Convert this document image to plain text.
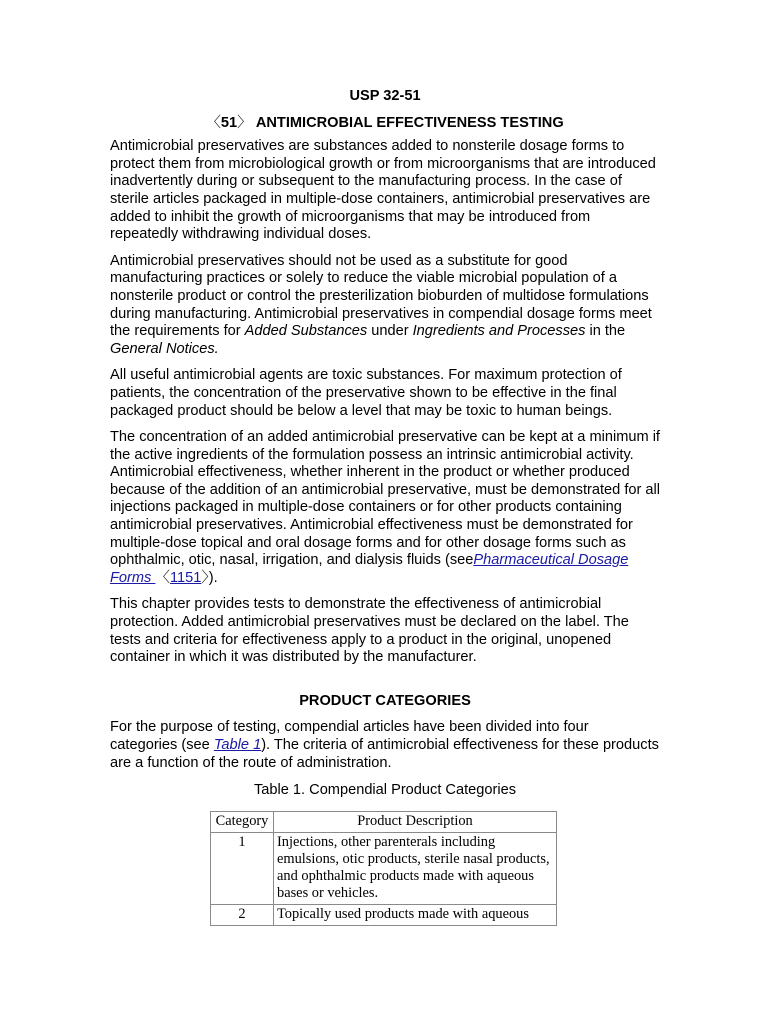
USP 32-51
〈51〉 ANTIMICROBIAL EFFECTIVENESS TESTING

Antimicrobial preservatives are substances added to nonsterile dosage forms to protect them from microbiological growth or from microorganisms that are introduced inadvertently during or subsequent to the manufacturing process. In the case of sterile articles packaged in multiple-dose containers, antimicrobial preservatives are added to inhibit the growth of microorganisms that may be introduced from repeatedly withdrawing individual doses.

Antimicrobial preservatives should not be used as a substitute for good manufacturing practices or solely to reduce the viable microbial population of a nonsterile product or control the presterilization bioburden of multidose formulations during manufacturing. Antimicrobial preservatives in compendial dosage forms meet the requirements for Added Substances under Ingredients and Processes in the General Notices.

All useful antimicrobial agents are toxic substances. For maximum protection of patients, the concentration of the preservative shown to be effective in the final packaged product should be below a level that may be toxic to human beings.

The concentration of an added antimicrobial preservative can be kept at a minimum if the active ingredients of the formulation possess an intrinsic antimicrobial activity. Antimicrobial effectiveness, whether inherent in the product or whether produced because of the addition of an antimicrobial preservative, must be demonstrated for all injections packaged in multiple-dose containers or for other products containing antimicrobial preservatives. Antimicrobial effectiveness must be demonstrated for multiple-dose topical and oral dosage forms and for other dosage forms such as ophthalmic, otic, nasal, irrigation, and dialysis fluids (seePharmaceutical Dosage Forms 〈1151〉).

This chapter provides tests to demonstrate the effectiveness of antimicrobial protection. Added antimicrobial preservatives must be declared on the label. The tests and criteria for effectiveness apply to a product in the original, unopened container in which it was distributed by the manufacturer.

PRODUCT CATEGORIES

For the purpose of testing, compendial articles have been divided into four categories (see Table 1). The criteria of antimicrobial effectiveness for these products are a function of the route of administration.

Table 1. Compendial Product Categories
Category	Product Description
1	Injections, other parenterals including emulsions, otic products, sterile nasal products, and ophthalmic products made with aqueous bases or vehicles.
2	Topically used products made with aqueous
